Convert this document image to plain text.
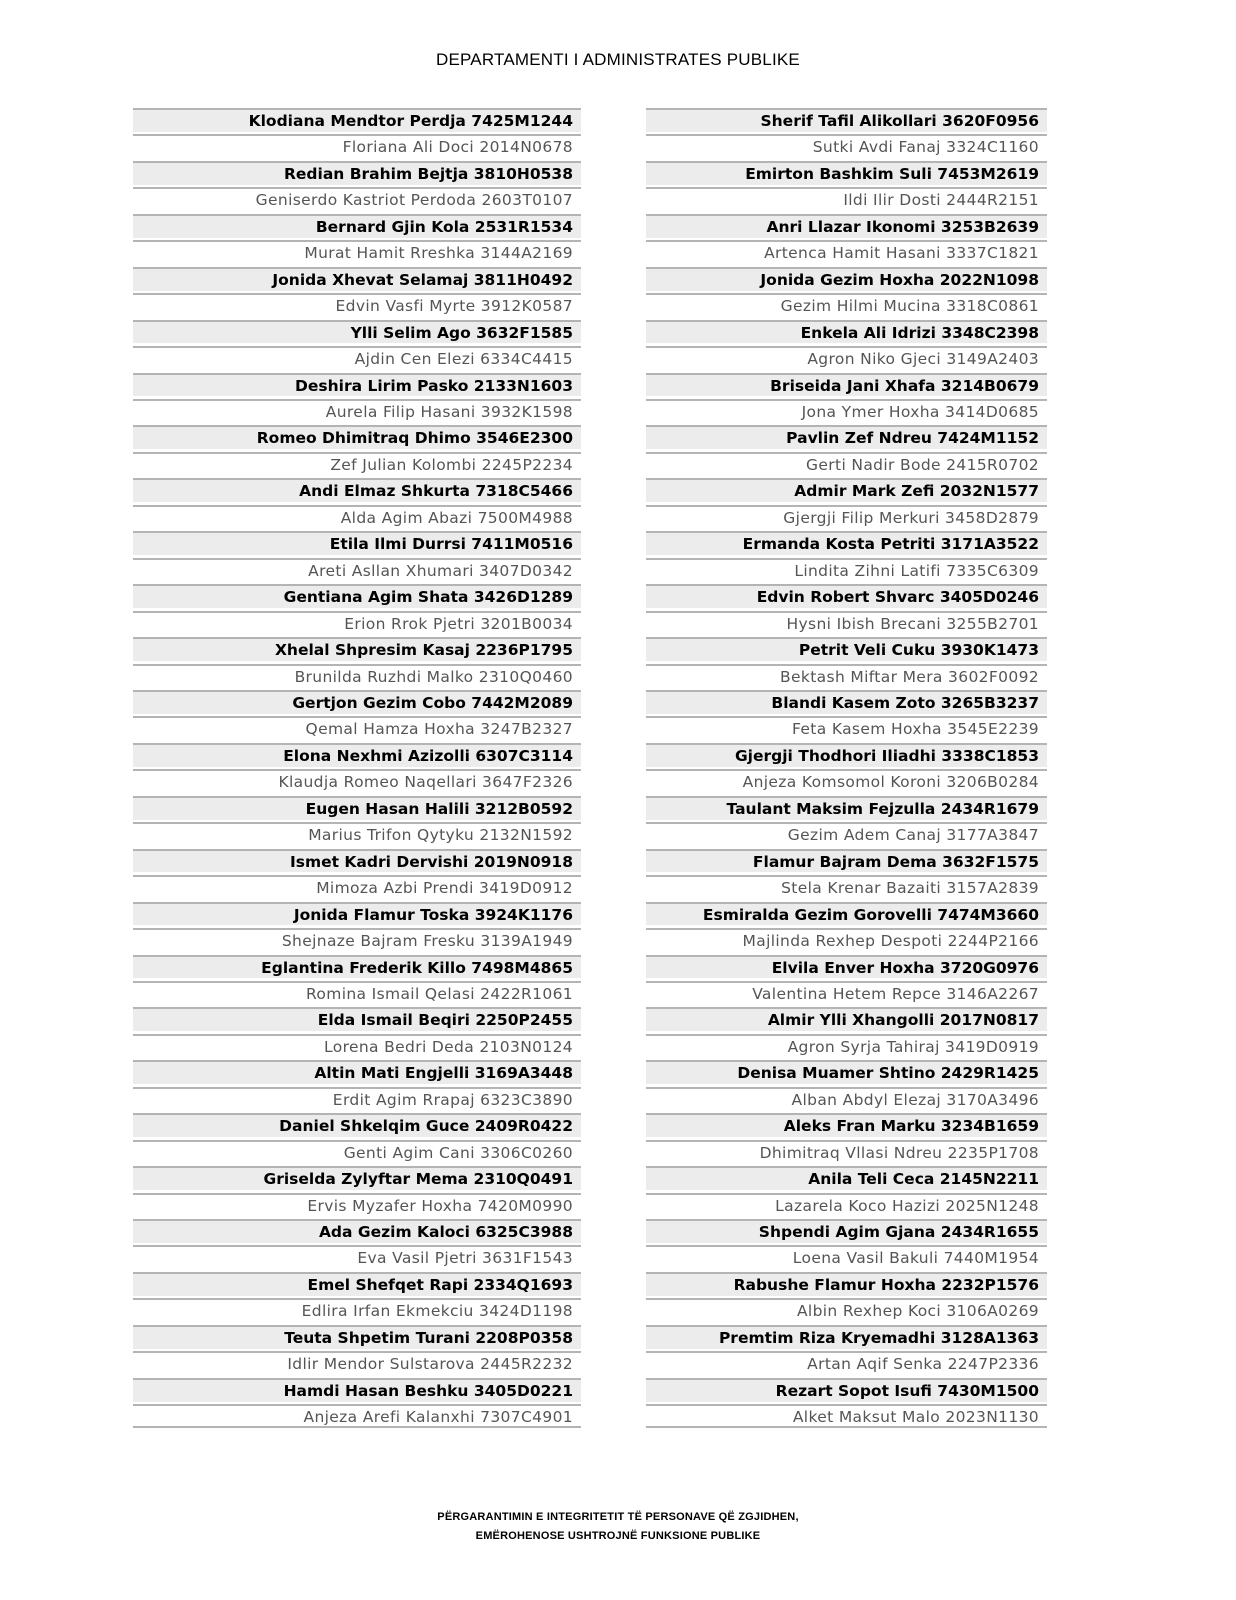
DEPARTAMENTI I ADMINISTRATES PUBLIKE
Klodiana Mendtor Perdja 7425M1244
Floriana Ali Doci 2014N0678
Redian Brahim Bejtja 3810H0538
Geniserdo Kastriot Perdoda 2603T0107
Bernard Gjin Kola 2531R1534
Murat Hamit Rreshka 3144A2169
Jonida Xhevat Selamaj 3811H0492
Edvin Vasfi Myrte 3912K0587
Ylli Selim Ago 3632F1585
Ajdin Cen Elezi 6334C4415
Deshira Lirim Pasko 2133N1603
Aurela Filip Hasani 3932K1598
Romeo Dhimitraq Dhimo 3546E2300
Zef Julian Kolombi 2245P2234
Andi Elmaz Shkurta 7318C5466
Alda Agim Abazi 7500M4988
Etila Ilmi Durrsi 7411M0516
Areti Asllan Xhumari 3407D0342
Gentiana Agim Shata 3426D1289
Erion Rrok Pjetri 3201B0034
Xhelal Shpresim Kasaj 2236P1795
Brunilda Ruzhdi Malko 2310Q0460
Gertjon Gezim Cobo 7442M2089
Qemal Hamza Hoxha 3247B2327
Elona Nexhmi Azizolli 6307C3114
Klaudja Romeo Naqellari 3647F2326
Eugen Hasan Halili 3212B0592
Marius Trifon Qytyku 2132N1592
Ismet Kadri Dervishi 2019N0918
Mimoza Azbi Prendi 3419D0912
Jonida Flamur Toska 3924K1176
Shejnaze Bajram Fresku 3139A1949
Eglantina Frederik Killo 7498M4865
Romina Ismail Qelasi 2422R1061
Elda Ismail Beqiri 2250P2455
Lorena Bedri Deda 2103N0124
Altin Mati Engjelli 3169A3448
Erdit Agim Rrapaj 6323C3890
Daniel Shkelqim Guce 2409R0422
Genti Agim Cani 3306C0260
Griselda Zylyftar Mema 2310Q0491
Ervis Myzafer Hoxha 7420M0990
Ada Gezim Kaloci 6325C3988
Eva Vasil Pjetri 3631F1543
Emel Shefqet Rapi 2334Q1693
Edlira Irfan Ekmekciu 3424D1198
Teuta Shpetim Turani 2208P0358
Idlir Mendor Sulstarova 2445R2232
Hamdi Hasan Beshku 3405D0221
Anjeza Arefi Kalanxhi 7307C4901
Sherif Tafil Alikollari 3620F0956
Sutki Avdi Fanaj 3324C1160
Emirton Bashkim Suli 7453M2619
Ildi Ilir Dosti 2444R2151
Anri Llazar Ikonomi 3253B2639
Artenca Hamit Hasani 3337C1821
Jonida Gezim Hoxha 2022N1098
Gezim Hilmi Mucina 3318C0861
Enkela Ali Idrizi 3348C2398
Agron Niko Gjeci 3149A2403
Briseida Jani Xhafa 3214B0679
Jona Ymer Hoxha 3414D0685
Pavlin Zef Ndreu 7424M1152
Gerti Nadir Bode 2415R0702
Admir Mark Zefi 2032N1577
Gjergji Filip Merkuri 3458D2879
Ermanda Kosta Petriti 3171A3522
Lindita Zihni Latifi 7335C6309
Edvin Robert Shvarc 3405D0246
Hysni Ibish Brecani 3255B2701
Petrit Veli Cuku 3930K1473
Bektash Miftar Mera 3602F0092
Blandi Kasem Zoto 3265B3237
Feta Kasem Hoxha 3545E2239
Gjergji Thodhori Iliadhi 3338C1853
Anjeza Komsomol Koroni 3206B0284
Taulant Maksim Fejzulla 2434R1679
Gezim Adem Canaj 3177A3847
Flamur Bajram Dema 3632F1575
Stela Krenar Bazaiti 3157A2839
Esmiralda Gezim Gorovelli 7474M3660
Majlinda Rexhep Despoti 2244P2166
Elvila Enver Hoxha 3720G0976
Valentina Hetem Repce 3146A2267
Almir Ylli Xhangolli 2017N0817
Agron Syrja Tahiraj 3419D0919
Denisa Muamer Shtino 2429R1425
Alban Abdyl Elezaj 3170A3496
Aleks Fran Marku 3234B1659
Dhimitraq Vllasi Ndreu 2235P1708
Anila Teli Ceca 2145N2211
Lazarela Koco Hazizi 2025N1248
Shpendi Agim Gjana 2434R1655
Loena Vasil Bakuli 7440M1954
Rabushe Flamur Hoxha 2232P1576
Albin Rexhep Koci 3106A0269
Premtim Riza Kryemadhi 3128A1363
Artan Aqif Senka 2247P2336
Rezart Sopot Isufi 7430M1500
Alket Maksut Malo 2023N1130
PËRGARANTIMIN E INTEGRITETIT TË PERSONAVE QË ZGJIDHEN,
EMËROHENOSE USHTROJNË FUNKSIONE PUBLIKE
